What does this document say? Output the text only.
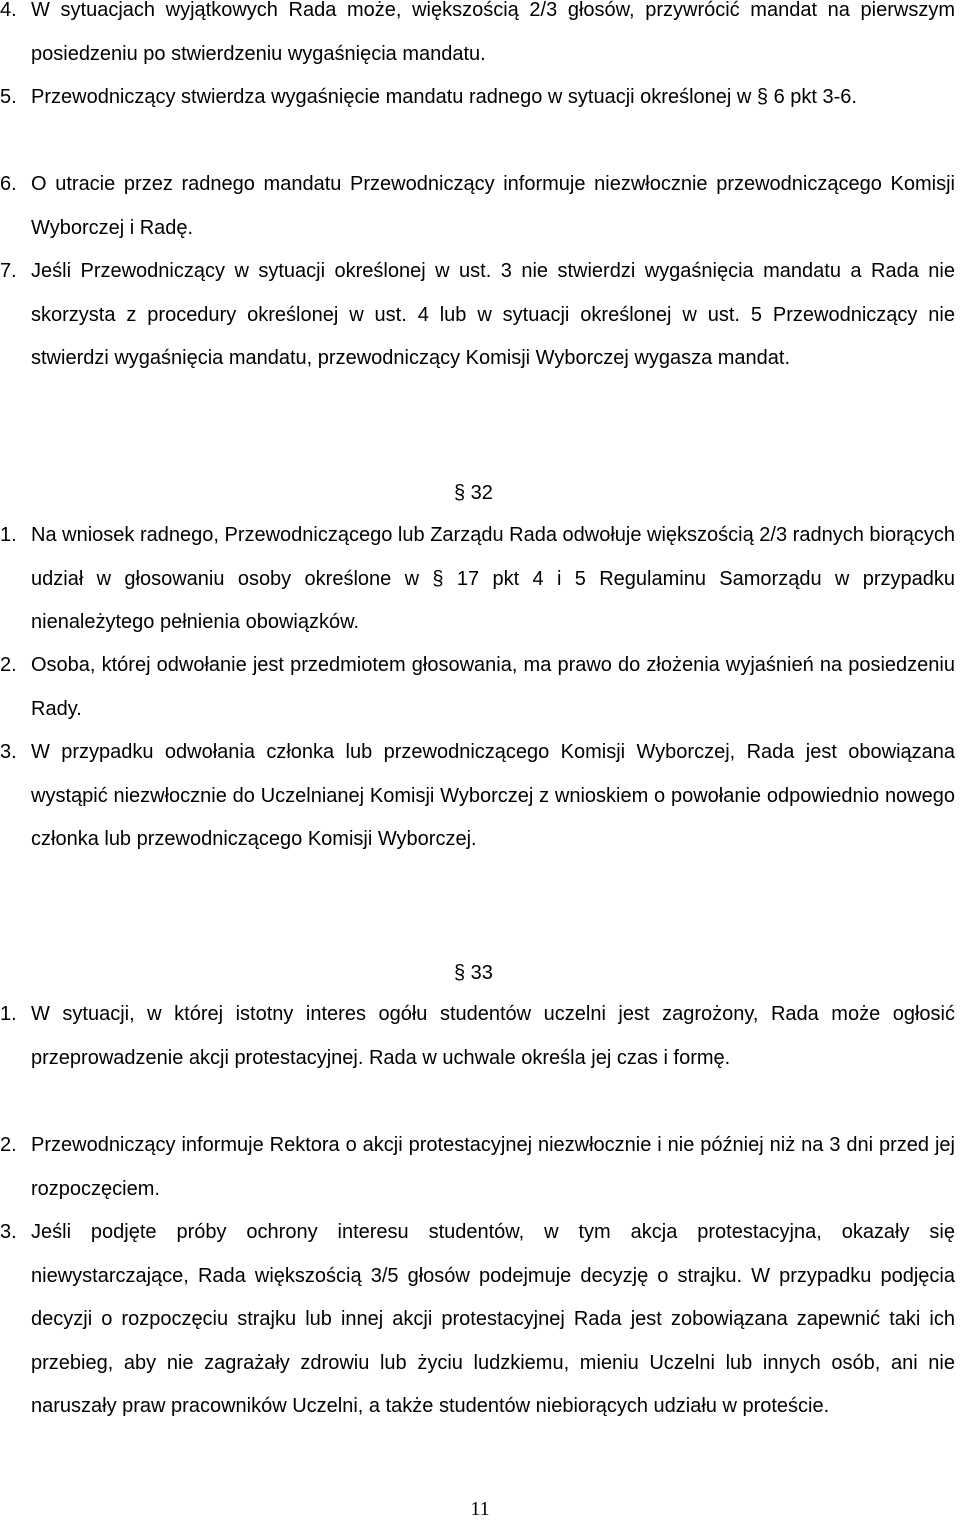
4. W sytuacjach wyjątkowych Rada może, większością 2/3 głosów, przywrócić mandat na pierwszym posiedzeniu po stwierdzeniu wygaśnięcia mandatu.
5. Przewodniczący stwierdza wygaśnięcie mandatu radnego w sytuacji określonej w § 6 pkt 3-6.
6. O utracie przez radnego mandatu Przewodniczący informuje niezwłocznie przewodniczącego Komisji Wyborczej i Radę.
7. Jeśli Przewodniczący w sytuacji określonej w ust. 3 nie stwierdzi wygaśnięcia mandatu a Rada nie skorzysta z procedury określonej w ust. 4 lub w sytuacji określonej w ust. 5 Przewodniczący nie stwierdzi wygaśnięcia mandatu, przewodniczący Komisji Wyborczej wygasza mandat.
§ 32
1. Na wniosek radnego, Przewodniczącego lub Zarządu Rada odwołuje większością 2/3 radnych biorących udział w głosowaniu osoby określone w § 17 pkt 4 i 5 Regulaminu Samorządu w przypadku nienależytego pełnienia obowiązków.
2. Osoba, której odwołanie jest przedmiotem głosowania, ma prawo do złożenia wyjaśnień na posiedzeniu Rady.
3. W przypadku odwołania członka lub przewodniczącego Komisji Wyborczej, Rada jest obowiązana wystąpić niezwłocznie do Uczelnianej Komisji Wyborczej z wnioskiem o powołanie odpowiednio nowego członka lub przewodniczącego Komisji Wyborczej.
§ 33
1. W sytuacji, w której istotny interes ogółu studentów uczelni jest zagrożony, Rada może ogłosić przeprowadzenie akcji protestacyjnej. Rada w uchwale określa jej czas i formę.
2. Przewodniczący informuje Rektora o akcji protestacyjnej niezwłocznie i nie później niż na 3 dni przed jej rozpoczęciem.
3. Jeśli podjęte próby ochrony interesu studentów, w tym akcja protestacyjna, okazały się niewystarczające, Rada większością 3/5 głosów podejmuje decyzję o strajku. W przypadku podjęcia decyzji o rozpoczęciu strajku lub innej akcji protestacyjnej Rada jest zobowiązana zapewnić taki ich przebieg, aby nie zagrażały zdrowiu lub życiu ludzkiemu, mieniu Uczelni lub innych osób, ani nie naruszały praw pracowników Uczelni, a także studentów niebiorących udziału w proteście.
11
